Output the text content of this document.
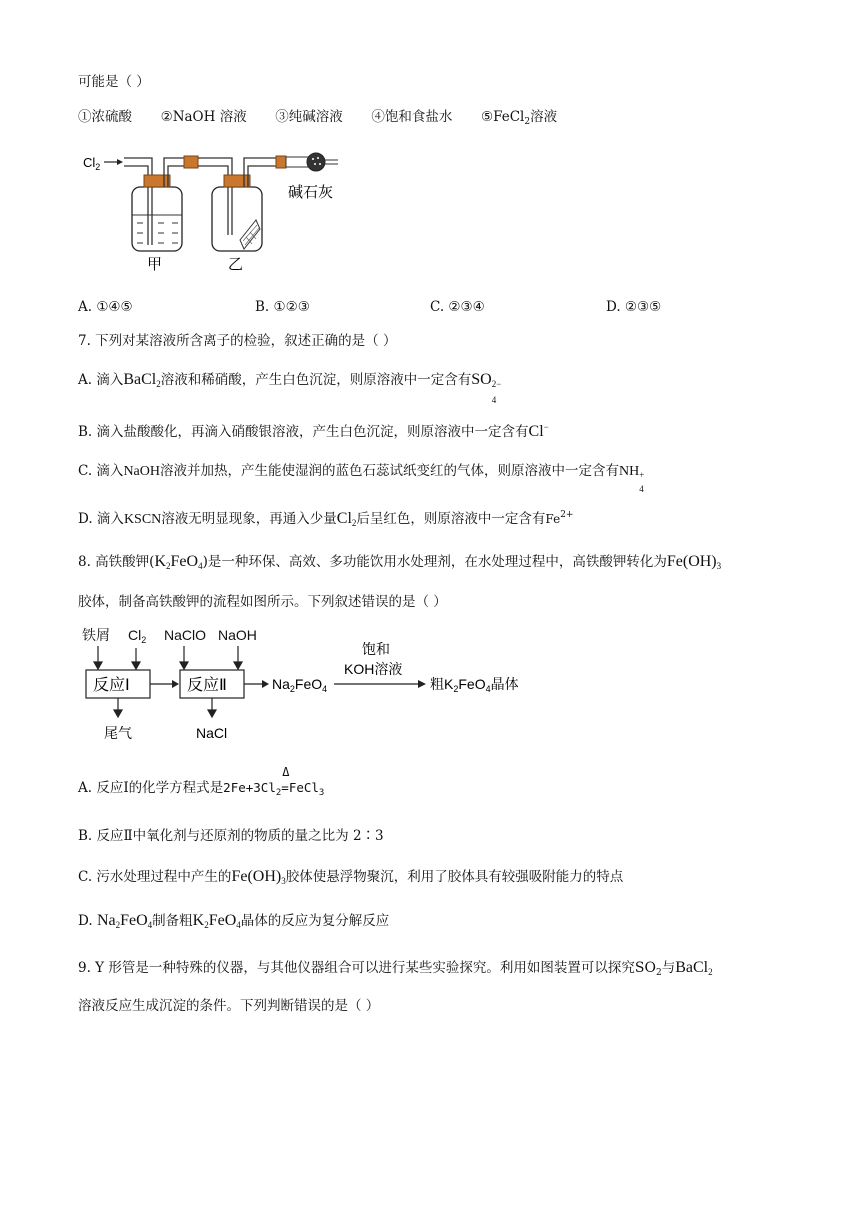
可能是（ ）
①浓硫酸 ②NaOH 溶液 ③纯碱溶液 ④饱和食盐水 ⑤FeCl$_2$溶液
$Cl_2$
碱石灰
甲	乙
A. ①④⑤	B. ①②③	C. ②③④	D. ②③⑤
7. 下列对某溶液所含离子的检验，叙述正确的是（ ）
A. 滴入BaCl$_2$溶液和稀硝酸，产生白色沉淀，则原溶液中一定含有SO 2−
4
B. 滴入盐酸酸化，再滴入硝酸银溶液，产生白色沉淀，则原溶液中一定含有Cl−
C. 滴入NaOH溶液并加热，产生能使湿润的蓝色石蕊试纸变红的气体，则原溶液中一定含有NH +
4
D. 滴入KSCN溶液无明显现象，再通入少量$Cl_2$后呈红色，则原溶液中一定含有$Fe^{2+}$
8. 高铁酸钾$(K_2FeO_4)$是一种环保、高效、多功能饮用水处理剂，在水处理过程中，高铁酸钾转化为$Fe(OH)_3$
胶体，制备高铁酸钾的流程如图所示。下列叙述错误的是（ ）
铁屑 $Cl_2$ NaClO NaOH
反应Ⅰ	反应Ⅱ	$Na_2FeO_4$
饱和
KOH溶液
粗$K_2FeO_4$晶体
尾气	NaCl
A. 反应Ⅰ的化学方程式是$2Fe+3Cl_2$
Δ
=FeCl$_3$
B. 反应Ⅱ中氧化剂与还原剂的物质的量之比为 2∶3
C. 污水处理过程中产生的$Fe(OH)_3$胶体使悬浮物聚沉，利用了胶体具有较强吸附能力的特点
D. $Na_2FeO_4$制备粗$K_2FeO_4$晶体的反应为复分解反应
9. Y 形管是一种特殊的仪器，与其他仪器组合可以进行某些实验探究。利用如图装置可以探究$SO_2$与BaCl$_2$
溶液反应生成沉淀的条件。下列判断错误的是（ ）
